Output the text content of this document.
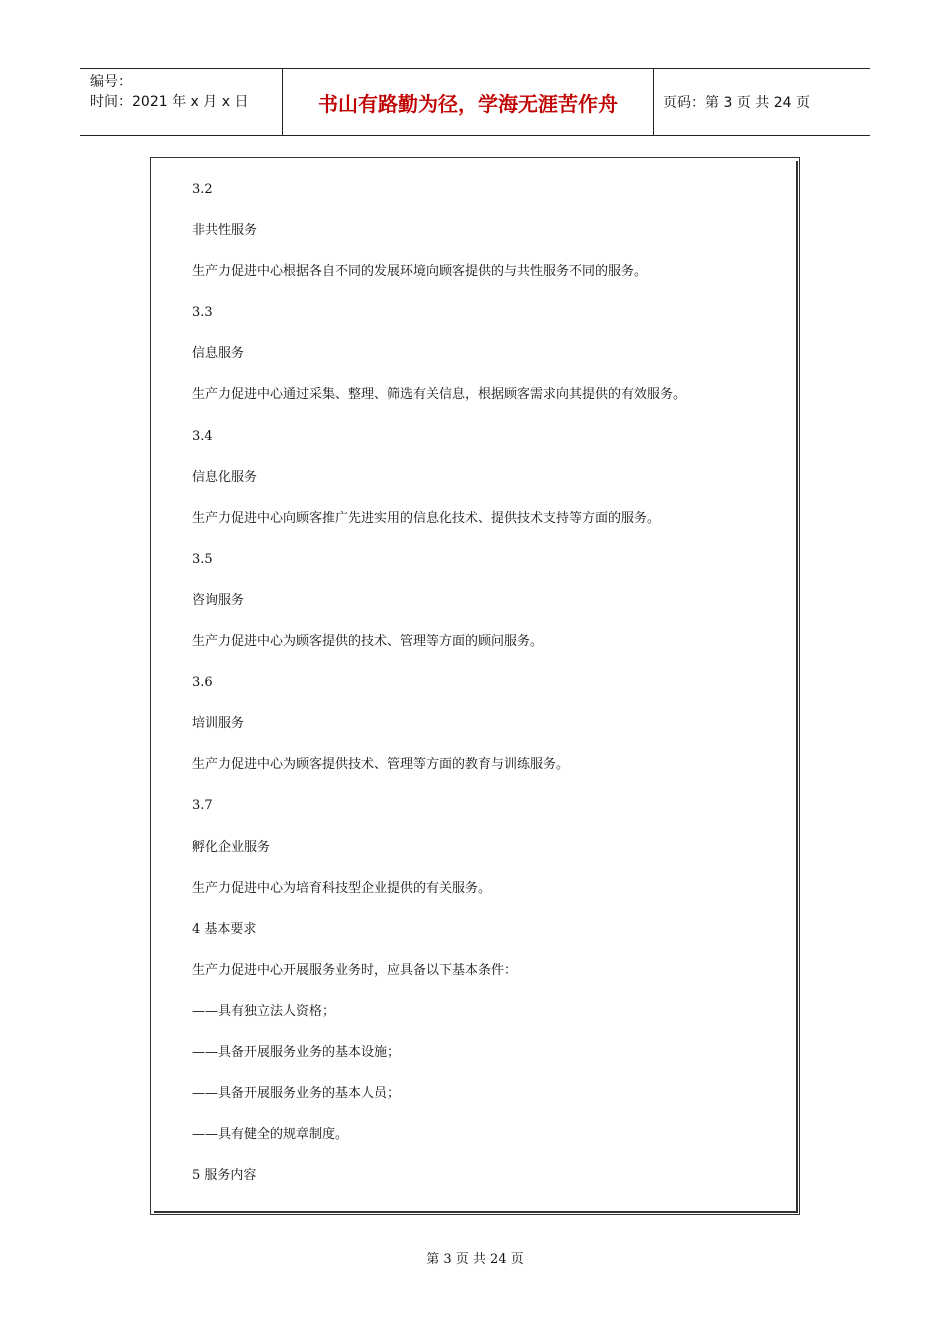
编号：
时间：2021 年 x 月 x 日	书山有路勤为径，学海无涯苦作舟	页码：第 3 页 共 24 页
3.2
非共性服务
生产力促进中心根据各自不同的发展环境向顾客提供的与共性服务不同的服务。
3.3
信息服务
生产力促进中心通过采集、整理、筛选有关信息，根据顾客需求向其提供的有效服务。
3.4
信息化服务
生产力促进中心向顾客推广先进实用的信息化技术、提供技术支持等方面的服务。
3.5
咨询服务
生产力促进中心为顾客提供的技术、管理等方面的顾问服务。
3.6
培训服务
生产力促进中心为顾客提供技术、管理等方面的教育与训练服务。
3.7
孵化企业服务
生产力促进中心为培育科技型企业提供的有关服务。
4 基本要求
生产力促进中心开展服务业务时，应具备以下基本条件：
——具有独立法人资格；
——具备开展服务业务的基本设施；
——具备开展服务业务的基本人员；
——具有健全的规章制度。
5 服务内容
第 3 页 共 24 页
